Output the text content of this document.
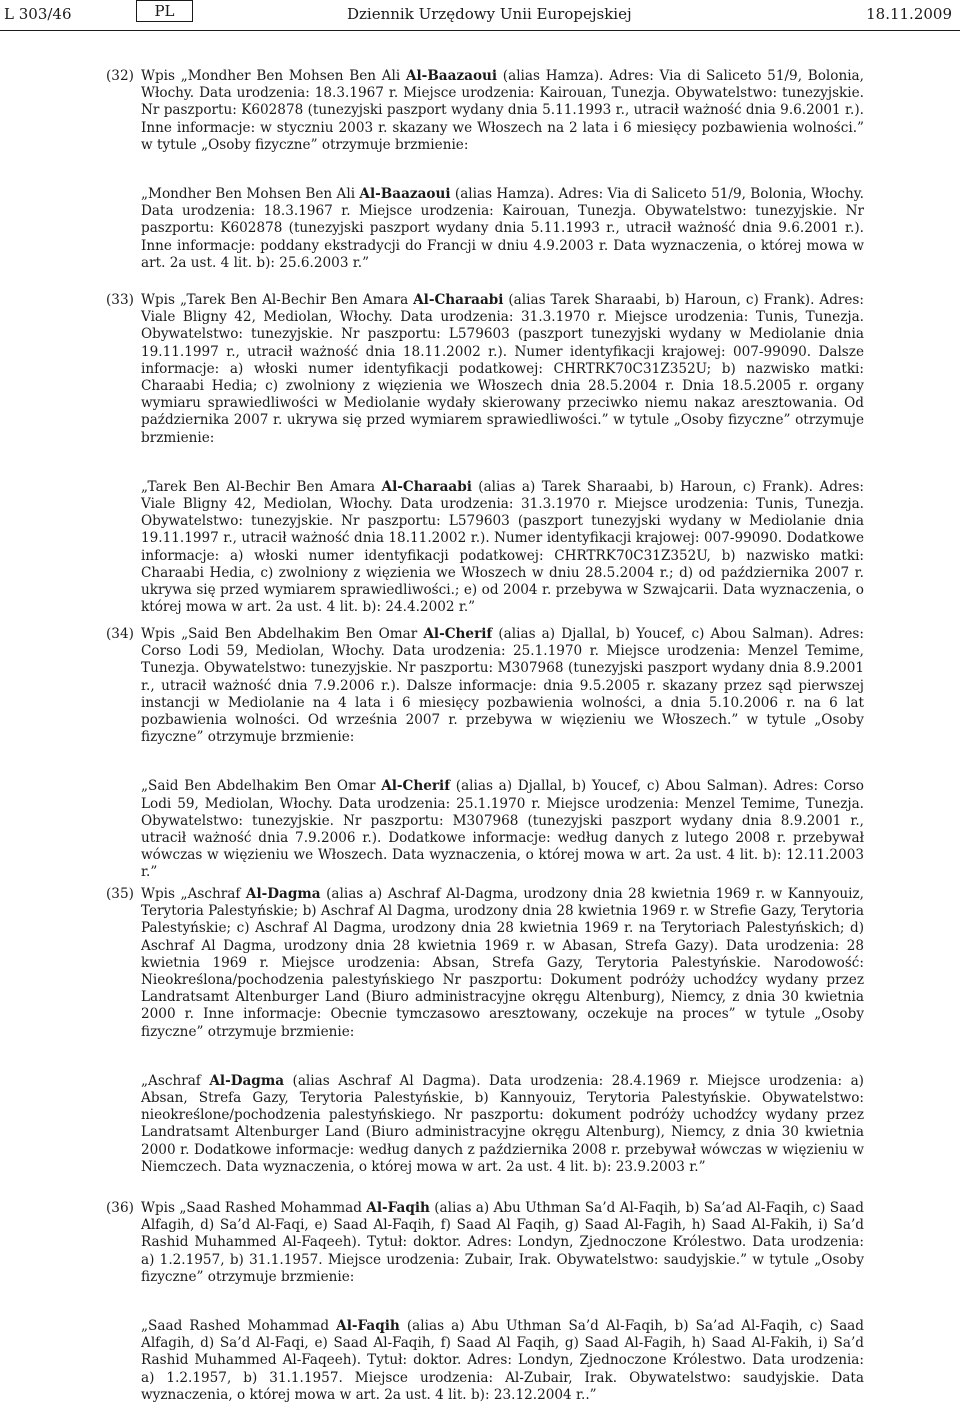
L 303/46	PL	Dziennik Urzędowy Unii Europejskiej	18.11.2009
(32) Wpis „Mondher Ben Mohsen Ben Ali Al-Baazaoui (alias Hamza). Adres: Via di Saliceto 51/9, Bolonia, Włochy. Data urodzenia: 18.3.1967 r. Miejsce urodzenia: Kairouan, Tunezja. Obywatelstwo: tunezyjskie. Nr paszportu: K602878 (tunezyjski paszport wydany dnia 5.11.1993 r., utracił ważność dnia 9.6.2001 r.). Inne informacje: w styczniu 2003 r. skazany we Włoszech na 2 lata i 6 miesięcy pozbawienia wolności.” w tytule „Osoby fizyczne” otrzymuje brzmienie:

„Mondher Ben Mohsen Ben Ali Al-Baazaoui (alias Hamza). Adres: Via di Saliceto 51/9, Bolonia, Włochy. Data urodzenia: 18.3.1967 r. Miejsce urodzenia: Kairouan, Tunezja. Obywatelstwo: tunezyjskie. Nr paszportu: K602878 (tunezyjski paszport wydany dnia 5.11.1993 r., utracił ważność dnia 9.6.2001 r.). Inne informacje: poddany ekstradycji do Francji w dniu 4.9.2003 r. Data wyznaczenia, o której mowa w art. 2a ust. 4 lit. b): 25.6.2003 r.”

(33) Wpis „Tarek Ben Al-Bechir Ben Amara Al-Charaabi (alias Tarek Sharaabi, b) Haroun, c) Frank). Adres: Viale Bligny 42, Mediolan, Włochy. Data urodzenia: 31.3.1970 r. Miejsce urodzenia: Tunis, Tunezja. Obywatelstwo: tunezyjskie. Nr paszportu: L579603 (paszport tunezyjski wydany w Mediolanie dnia 19.11.1997 r., utracił ważność dnia 18.11.2002 r.). Numer identyfikacji krajowej: 007-99090. Dalsze informacje: a) włoski numer identyfikacji podatkowej: CHRTRK70C31Z352U; b) nazwisko matki: Charaabi Hedia; c) zwolniony z więzienia we Włoszech dnia 28.5.2004 r. Dnia 18.5.2005 r. organy wymiaru sprawiedliwości w Mediolanie wydały skierowany przeciwko niemu nakaz aresztowania. Od października 2007 r. ukrywa się przed wymiarem sprawiedliwości.” w tytule „Osoby fizyczne” otrzymuje brzmienie:

„Tarek Ben Al-Bechir Ben Amara Al-Charaabi (alias a) Tarek Sharaabi, b) Haroun, c) Frank). Adres: Viale Bligny 42, Mediolan, Włochy. Data urodzenia: 31.3.1970 r. Miejsce urodzenia: Tunis, Tunezja. Obywatelstwo: tunezyjskie. Nr paszportu: L579603 (paszport tunezyjski wydany w Mediolanie dnia 19.11.1997 r., utracił ważność dnia 18.11.2002 r.). Numer identyfikacji krajowej: 007-99090. Dodatkowe informacje: a) włoski numer identyfikacji podatkowej: CHRTRK70C31Z352U, b) nazwisko matki: Charaabi Hedia, c) zwolniony z więzienia we Włoszech w dniu 28.5.2004 r.; d) od października 2007 r. ukrywa się przed wymiarem sprawiedliwości.; e) od 2004 r. przebywa w Szwajcarii. Data wyznaczenia, o której mowa w art. 2a ust. 4 lit. b): 24.4.2002 r.”

(34) Wpis „Said Ben Abdelhakim Ben Omar Al-Cherif (alias a) Djallal, b) Youcef, c) Abou Salman). Adres: Corso Lodi 59, Mediolan, Włochy. Data urodzenia: 25.1.1970 r. Miejsce urodzenia: Menzel Temime, Tunezja. Obywatelstwo: tunezyjskie. Nr paszportu: M307968 (tunezyjski paszport wydany dnia 8.9.2001 r., utracił ważność dnia 7.9.2006 r.). Dalsze informacje: dnia 9.5.2005 r. skazany przez sąd pierwszej instancji w Mediolanie na 4 lata i 6 miesięcy pozbawienia wolności, a dnia 5.10.2006 r. na 6 lat pozbawienia wolności. Od września 2007 r. przebywa w więzieniu we Włoszech.” w tytule „Osoby fizyczne” otrzymuje brzmienie:

„Said Ben Abdelhakim Ben Omar Al-Cherif (alias a) Djallal, b) Youcef, c) Abou Salman). Adres: Corso Lodi 59, Mediolan, Włochy. Data urodzenia: 25.1.1970 r. Miejsce urodzenia: Menzel Temime, Tunezja. Obywatelstwo: tunezyjskie. Nr paszportu: M307968 (tunezyjski paszport wydany dnia 8.9.2001 r., utracił ważność dnia 7.9.2006 r.). Dodatkowe informacje: według danych z lutego 2008 r. przebywał wówczas w więzieniu we Włoszech. Data wyznaczenia, o której mowa w art. 2a ust. 4 lit. b): 12.11.2003 r.”

(35) Wpis „Aschraf Al-Dagma (alias a) Aschraf Al-Dagma, urodzony dnia 28 kwietnia 1969 r. w Kannyouiz, Terytoria Palestyńskie; b) Aschraf Al Dagma, urodzony dnia 28 kwietnia 1969 r. w Strefie Gazy, Terytoria Palestyńskie; c) Aschraf Al Dagma, urodzony dnia 28 kwietnia 1969 r. na Terytoriach Palestyńskich; d) Aschraf Al Dagma, urodzony dnia 28 kwietnia 1969 r. w Abasan, Strefa Gazy). Data urodzenia: 28 kwietnia 1969 r. Miejsce urodzenia: Absan, Strefa Gazy, Terytoria Palestyńskie. Narodowość: Nieokreślona/pochodzenia palestyńskiego Nr paszportu: Dokument podróży uchodźcy wydany przez Landratsamt Altenburger Land (Biuro administracyjne okręgu Altenburg), Niemcy, z dnia 30 kwietnia 2000 r. Inne informacje: Obecnie tymczasowo aresztowany, oczekuje na proces” w tytule „Osoby fizyczne” otrzymuje brzmienie:

„Aschraf Al-Dagma (alias Aschraf Al Dagma). Data urodzenia: 28.4.1969 r. Miejsce urodzenia: a) Absan, Strefa Gazy, Terytoria Palestyńskie, b) Kannyouiz, Terytoria Palestyńskie. Obywatelstwo: nieokreślone/pochodzenia palestyńskiego. Nr paszportu: dokument podróży uchodźcy wydany przez Landratsamt Altenburger Land (Biuro administracyjne okręgu Altenburg), Niemcy, z dnia 30 kwietnia 2000 r. Dodatkowe informacje: według danych z października 2008 r. przebywał wówczas w więzieniu w Niemczech. Data wyznaczenia, o której mowa w art. 2a ust. 4 lit. b): 23.9.2003 r.”

(36) Wpis „Saad Rashed Mohammad Al-Faqih (alias a) Abu Uthman Sa’d Al-Faqih, b) Sa’ad Al-Faqih, c) Saad Alfagih, d) Sa’d Al-Faqi, e) Saad Al-Faqih, f) Saad Al Faqih, g) Saad Al-Fagih, h) Saad Al-Fakih, i) Sa’d Rashid Muhammed Al-Faqeeh). Tytuł: doktor. Adres: Londyn, Zjednoczone Królestwo. Data urodzenia: a) 1.2.1957, b) 31.1.1957. Miejsce urodzenia: Zubair, Irak. Obywatelstwo: saudyjskie.” w tytule „Osoby fizyczne” otrzymuje brzmienie:

„Saad Rashed Mohammad Al-Faqih (alias a) Abu Uthman Sa’d Al-Faqih, b) Sa’ad Al-Faqih, c) Saad Alfagih, d) Sa’d Al-Faqi, e) Saad Al-Faqih, f) Saad Al Faqih, g) Saad Al-Fagih, h) Saad Al-Fakih, i) Sa’d Rashid Muhammed Al-Faqeeh). Tytuł: doktor. Adres: Londyn, Zjednoczone Królestwo. Data urodzenia: a) 1.2.1957, b) 31.1.1957. Miejsce urodzenia: Al-Zubair, Irak. Obywatelstwo: saudyjskie. Data wyznaczenia, o której mowa w art. 2a ust. 4 lit. b): 23.12.2004 r..”
